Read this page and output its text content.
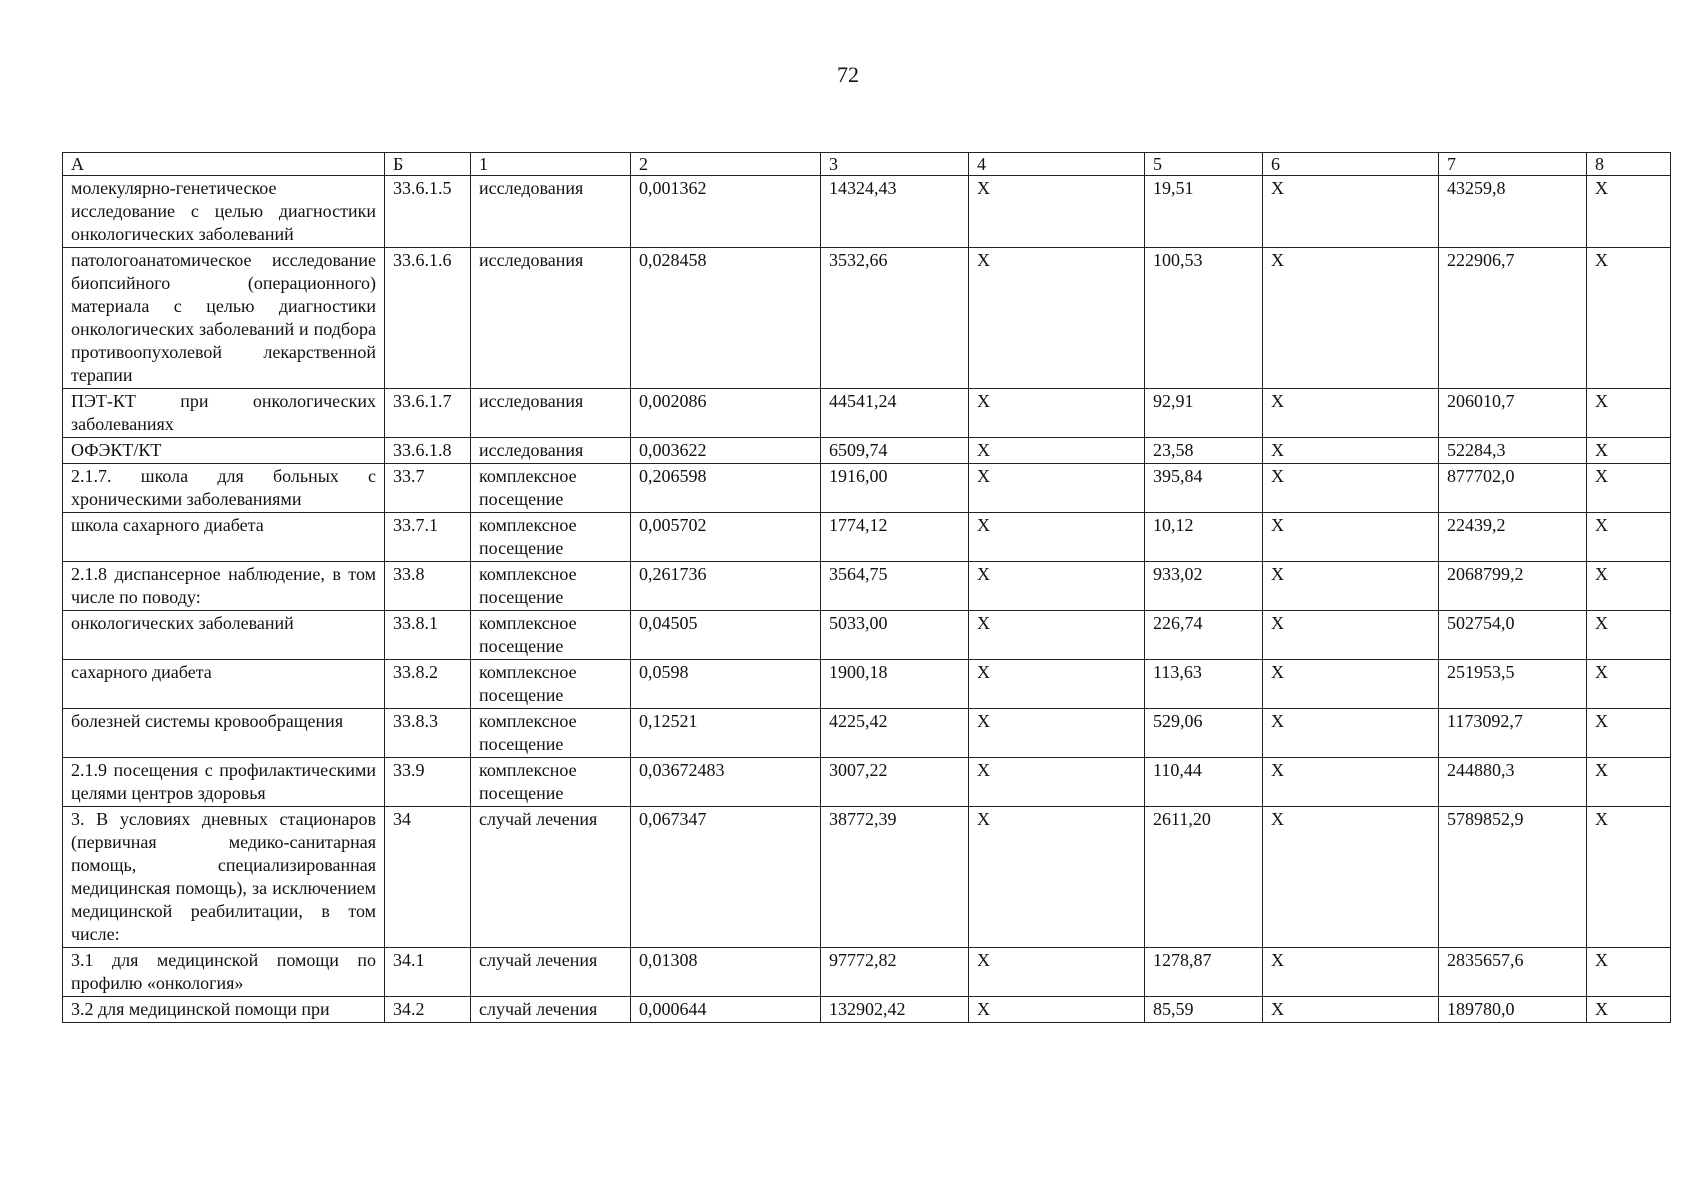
72
А	Б	1	2	3	4	5	6	7	8
молекулярно-генетическое исследование с целью диагностики онкологических заболеваний	33.6.1.5	исследования	0,001362	14324,43	Х	19,51	Х	43259,8	Х
патологоанатомическое исследование биопсийного (операционного) материала с целью диагностики онкологических заболеваний и подбора противоопухолевой лекарственной терапии	33.6.1.6	исследования	0,028458	3532,66	Х	100,53	Х	222906,7	Х
ПЭТ-КТ при онкологических заболеваниях	33.6.1.7	исследования	0,002086	44541,24	Х	92,91	Х	206010,7	Х
ОФЭКТ/КТ	33.6.1.8	исследования	0,003622	6509,74	Х	23,58	Х	52284,3	Х
2.1.7. школа для больных с хроническими заболеваниями	33.7	комплексное посещение	0,206598	1916,00	Х	395,84	Х	877702,0	Х
школа сахарного диабета	33.7.1	комплексное посещение	0,005702	1774,12	Х	10,12	Х	22439,2	Х
2.1.8 диспансерное наблюдение, в том числе по поводу:	33.8	комплексное посещение	0,261736	3564,75	Х	933,02	Х	2068799,2	Х
онкологических заболеваний	33.8.1	комплексное посещение	0,04505	5033,00	Х	226,74	Х	502754,0	Х
сахарного диабета	33.8.2	комплексное посещение	0,0598	1900,18	Х	113,63	Х	251953,5	Х
болезней системы кровообращения	33.8.3	комплексное посещение	0,12521	4225,42	Х	529,06	Х	1173092,7	Х
2.1.9 посещения с профилактическими целями центров здоровья	33.9	комплексное посещение	0,03672483	3007,22	Х	110,44	Х	244880,3	Х
3. В условиях дневных стационаров (первичная медико-санитарная помощь, специализированная медицинская помощь), за исключением медицинской реабилитации, в том числе:	34	случай лечения	0,067347	38772,39	Х	2611,20	Х	5789852,9	Х
3.1 для медицинской помощи по профилю «онкология»	34.1	случай лечения	0,01308	97772,82	Х	1278,87	Х	2835657,6	Х
3.2 для медицинской помощи при	34.2	случай лечения	0,000644	132902,42	Х	85,59	Х	189780,0	Х
